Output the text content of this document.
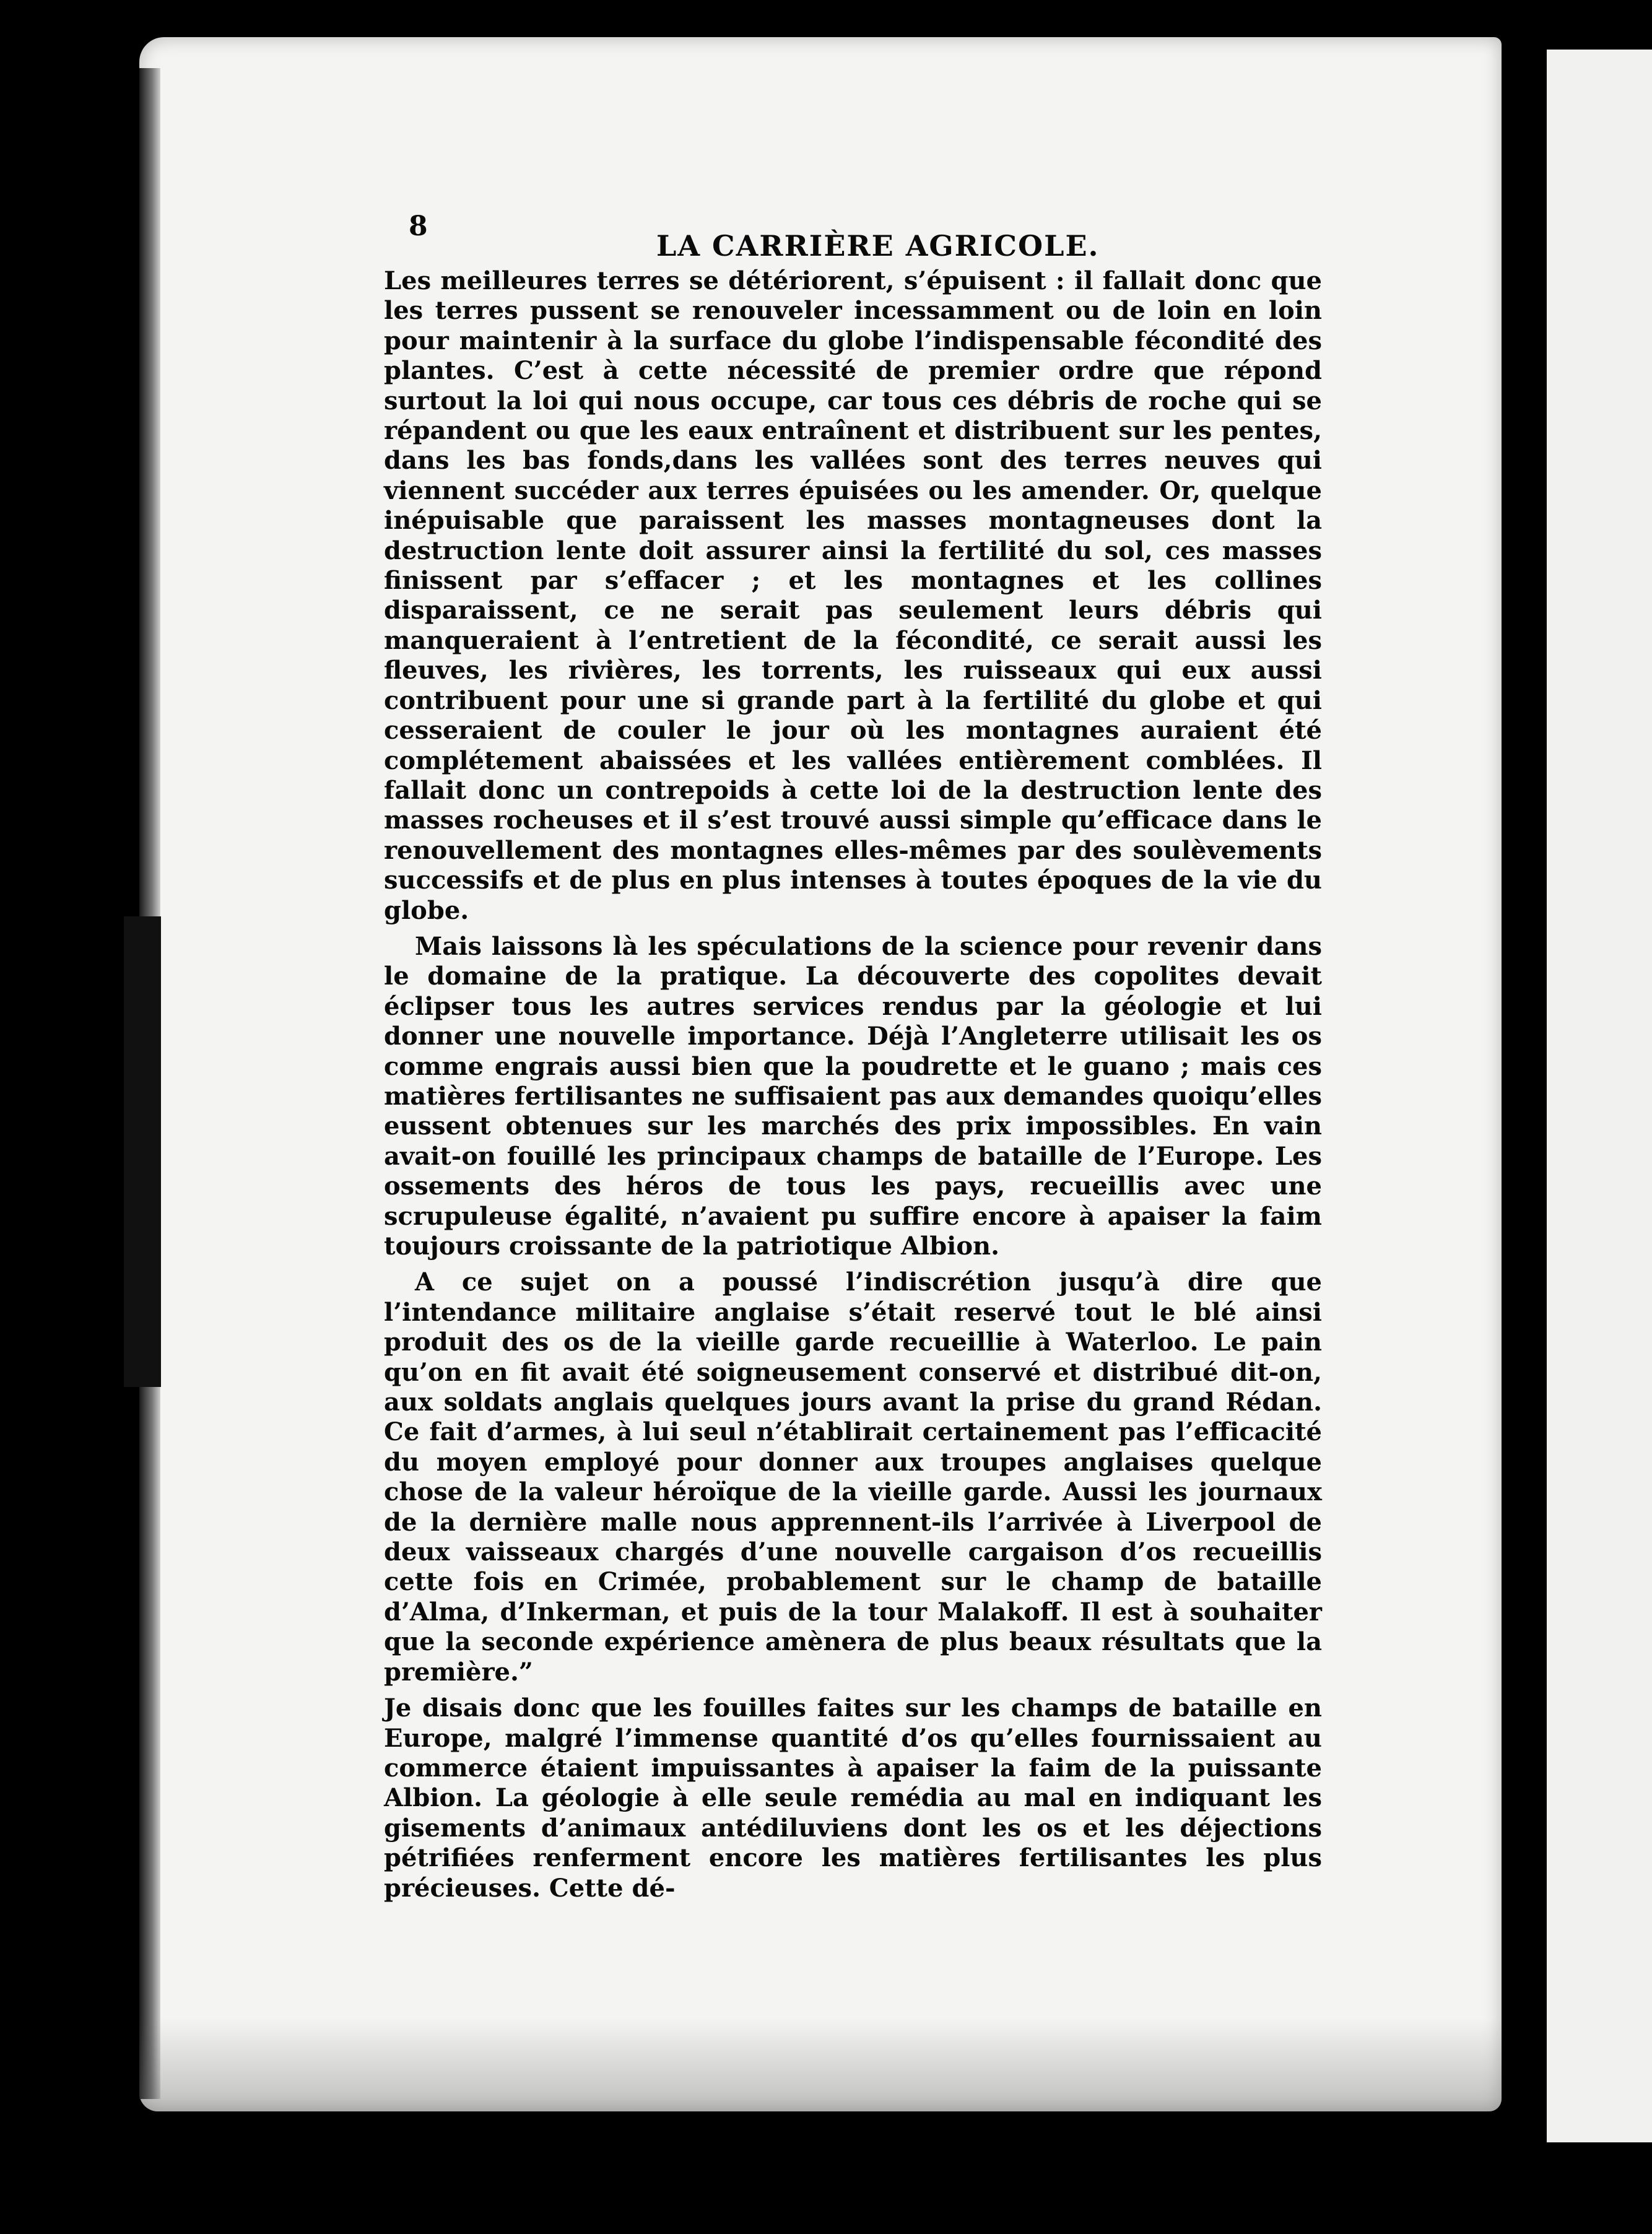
8
LA CARRIÈRE AGRICOLE.

Les meilleures terres se détériorent, s’épuisent : il fallait donc que les terres pussent se renouveler incessamment ou de loin en loin pour maintenir à la surface du globe l’indispensable fécondité des plantes. C’est à cette nécessité de premier ordre que répond surtout la loi qui nous occupe, car tous ces débris de roche qui se répandent ou que les eaux entraînent et distribuent sur les pentes, dans les bas fonds,dans les vallées sont des terres neuves qui viennent succéder aux terres épuisées ou les amender. Or, quelque inépuisable que paraissent les masses montagneuses dont la destruction lente doit assurer ainsi la fertilité du sol, ces masses finissent par s’effacer ; et les montagnes et les collines disparaissent, ce ne serait pas seulement leurs débris qui manqueraient à l’entretient de la fécondité, ce serait aussi les fleuves, les rivières, les torrents, les ruisseaux qui eux aussi contribuent pour une si grande part à la fertilité du globe et qui cesseraient de couler le jour où les montagnes auraient été complétement abaissées et les vallées entièrement comblées. Il fallait donc un contrepoids à cette loi de la destruction lente des masses rocheuses et il s’est trouvé aussi simple qu’efficace dans le renouvellement des montagnes elles-mêmes par des soulèvements successifs et de plus en plus intenses à toutes époques de la vie du globe.

Mais laissons là les spéculations de la science pour revenir dans le domaine de la pratique. La découverte des copolites devait éclipser tous les autres services rendus par la géologie et lui donner une nouvelle importance. Déjà l’Angleterre utilisait les os comme engrais aussi bien que la poudrette et le guano ; mais ces matières fertilisantes ne suffisaient pas aux demandes quoiqu’elles eussent obtenues sur les marchés des prix impossibles. En vain avait-on fouillé les principaux champs de bataille de l’Europe. Les ossements des héros de tous les pays, recueillis avec une scrupuleuse égalité, n’avaient pu suffire encore à apaiser la faim toujours croissante de la patriotique Albion.

A ce sujet on a poussé l’indiscrétion jusqu’à dire que l’intendance militaire anglaise s’était reservé tout le blé ainsi produit des os de la vieille garde recueillie à Waterloo. Le pain qu’on en fit avait été soigneusement conservé et distribué dit-on, aux soldats anglais quelques jours avant la prise du grand Rédan. Ce fait d’armes, à lui seul n’établirait certainement pas l’efficacité du moyen employé pour donner aux troupes anglaises quelque chose de la valeur héroïque de la vieille garde. Aussi les journaux de la dernière malle nous apprennent-ils l’arrivée à Liverpool de deux vaisseaux chargés d’une nouvelle cargaison d’os recueillis cette fois en Crimée, probablement sur le champ de bataille d’Alma, d’Inkerman, et puis de la tour Malakoff. Il est à souhaiter que la seconde expérience amènera de plus beaux résultats que la première.”

Je disais donc que les fouilles faites sur les champs de bataille en Europe, malgré l’immense quantité d’os qu’elles fournissaient au commerce étaient impuissantes à apaiser la faim de la puissante Albion. La géologie à elle seule remédia au mal en indiquant les gisements d’animaux antédiluviens dont les os et les déjections pétrifiées renferment encore les matières fertilisantes les plus précieuses. Cette dé-
